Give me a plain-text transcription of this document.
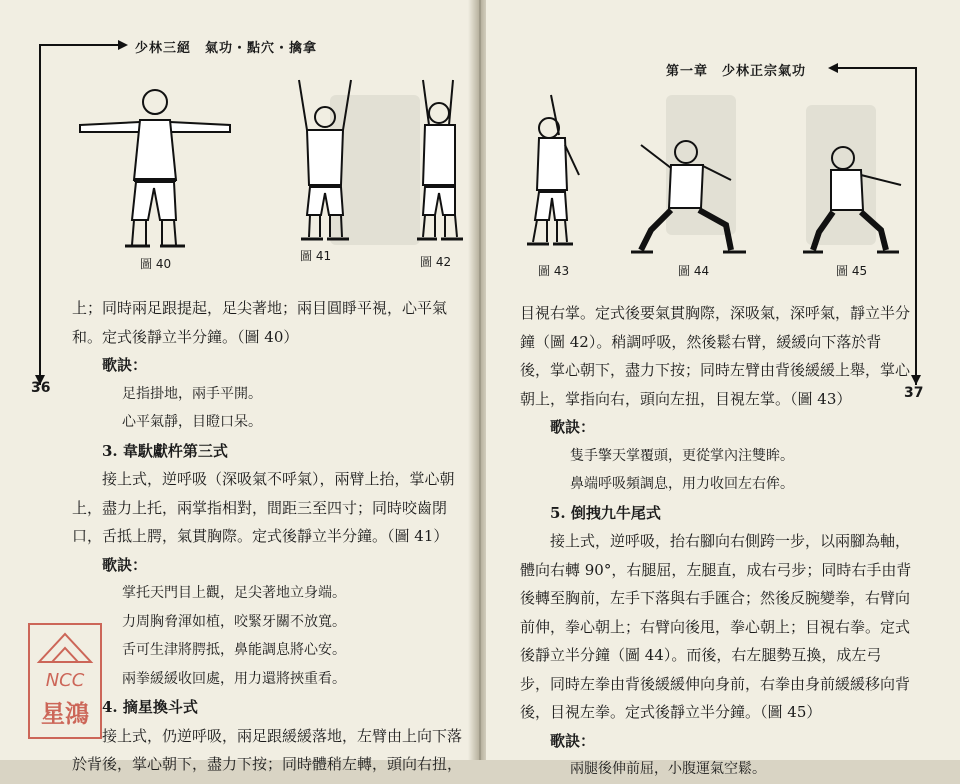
少林三絕　氣功・點穴・擒拿
36
圖 40
圖 41	圖 42

上；同時兩足跟提起，足尖著地；兩目圓睜平視，心平氣

和。定式後靜立半分鐘。（圖 40）

歌訣：

足指掛地，兩手平開。

心平氣靜，目瞪口呆。

3. 韋馱獻杵第三式

接上式，逆呼吸（深吸氣不呼氣），兩臂上抬，掌心朝

上，盡力上托，兩掌指相對，間距三至四寸；同時咬齒閉

口，舌抵上腭，氣貫胸際。定式後靜立半分鐘。（圖 41）

歌訣：

掌托天門目上觀，足尖著地立身端。

力周胸脅渾如植，咬緊牙關不放寬。

舌可生津將腭抵，鼻能調息將心安。

兩拳緩緩收回處，用力還將挾重看。

4. 摘星換斗式

接上式，仍逆呼吸，兩足跟緩緩落地，左臂由上向下落

於背後，掌心朝下，盡力下按；同時體稍左轉，頭向右扭，

第一章　少林正宗氣功
37
圖 43	圖 44	圖 45

目視右掌。定式後要氣貫胸際，深吸氣，深呼氣，靜立半分

鐘（圖 42）。稍調呼吸，然後鬆右臂，緩緩向下落於背

後，掌心朝下，盡力下按；同時左臂由背後緩緩上舉，掌心

朝上，掌指向右，頭向左扭，目視左掌。（圖 43）

歌訣：

隻手擎天掌覆頭，更從掌內注雙眸。

鼻端呼吸頻調息，用力收回左右侔。

5. 倒拽九牛尾式

接上式，逆呼吸，抬右腳向右側跨一步，以兩腳為軸，

體向右轉 90°，右腿屈，左腿直，成右弓步；同時右手由背

後轉至胸前，左手下落與右手匯合；然後反腕變拳，右臂向

前伸，拳心朝上；右臂向後甩，拳心朝上；目視右拳。定式

後靜立半分鐘（圖 44）。而後，右左腿勢互換，成左弓

步，同時左拳由背後緩緩伸向身前，右拳由身前緩緩移向背

後，目視左拳。定式後靜立半分鐘。（圖 45）

歌訣：

兩腿後伸前屈，小腹運氣空鬆。

NCC
星鴻
